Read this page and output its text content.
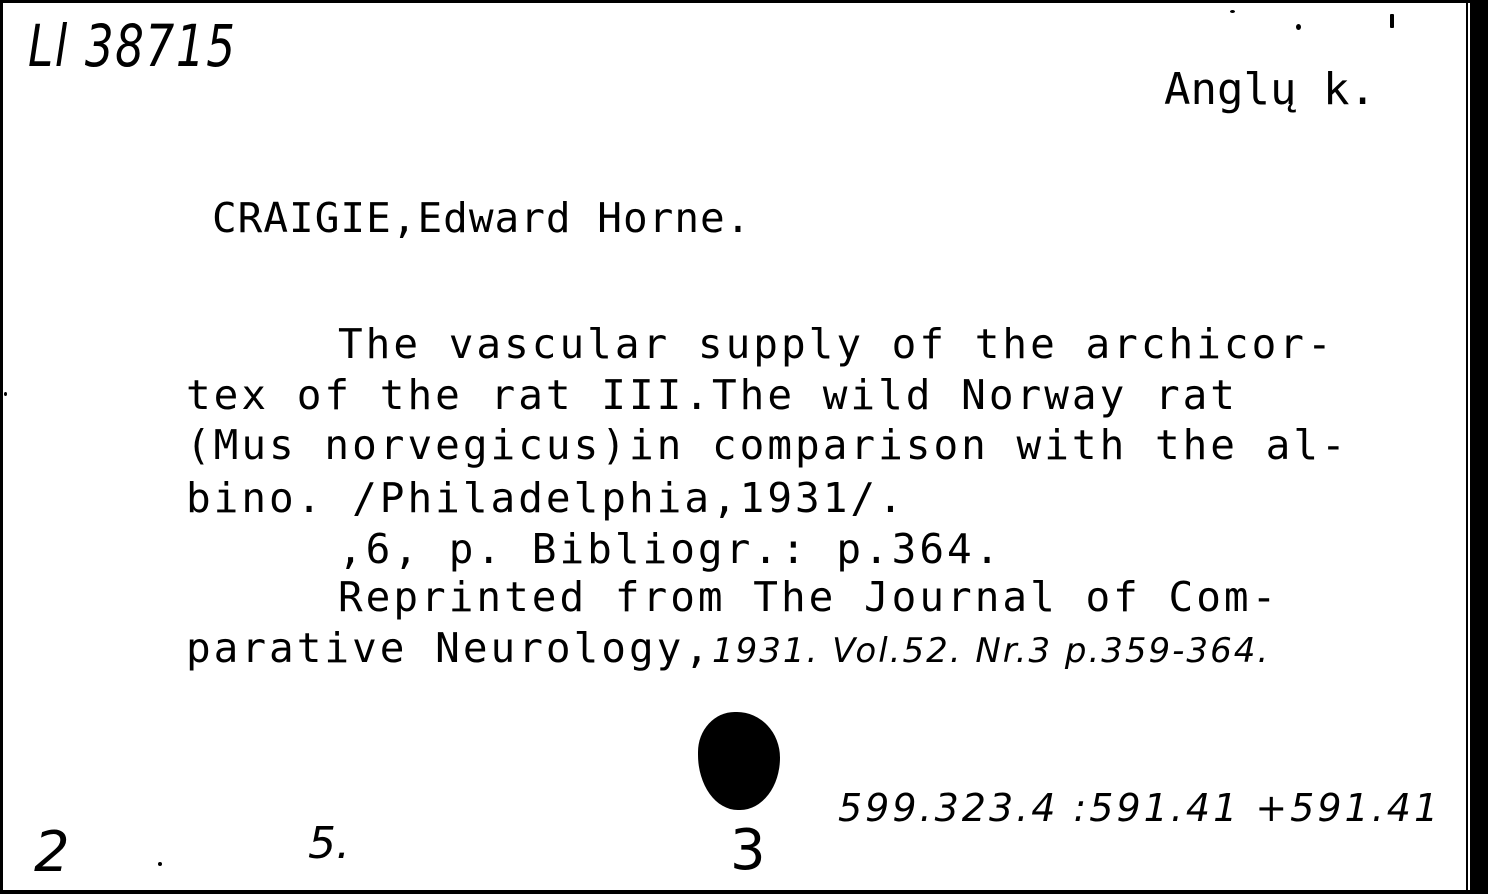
Ll 38715
Anglų k.
CRAIGIE,Edward Horne.
The vascular supply of the archicor-
tex of the rat III.The wild Norway rat
(Mus norvegicus)in comparison with the al-
bino. /Philadelphia,1931/.
,6, p. Bibliogr.: p.364.
Reprinted from The Journal of Com-
parative Neurology,1931. Vol.52. Nr.3 p.359-364.
599.323.4 :591.41 +591.41
2	5.	3
